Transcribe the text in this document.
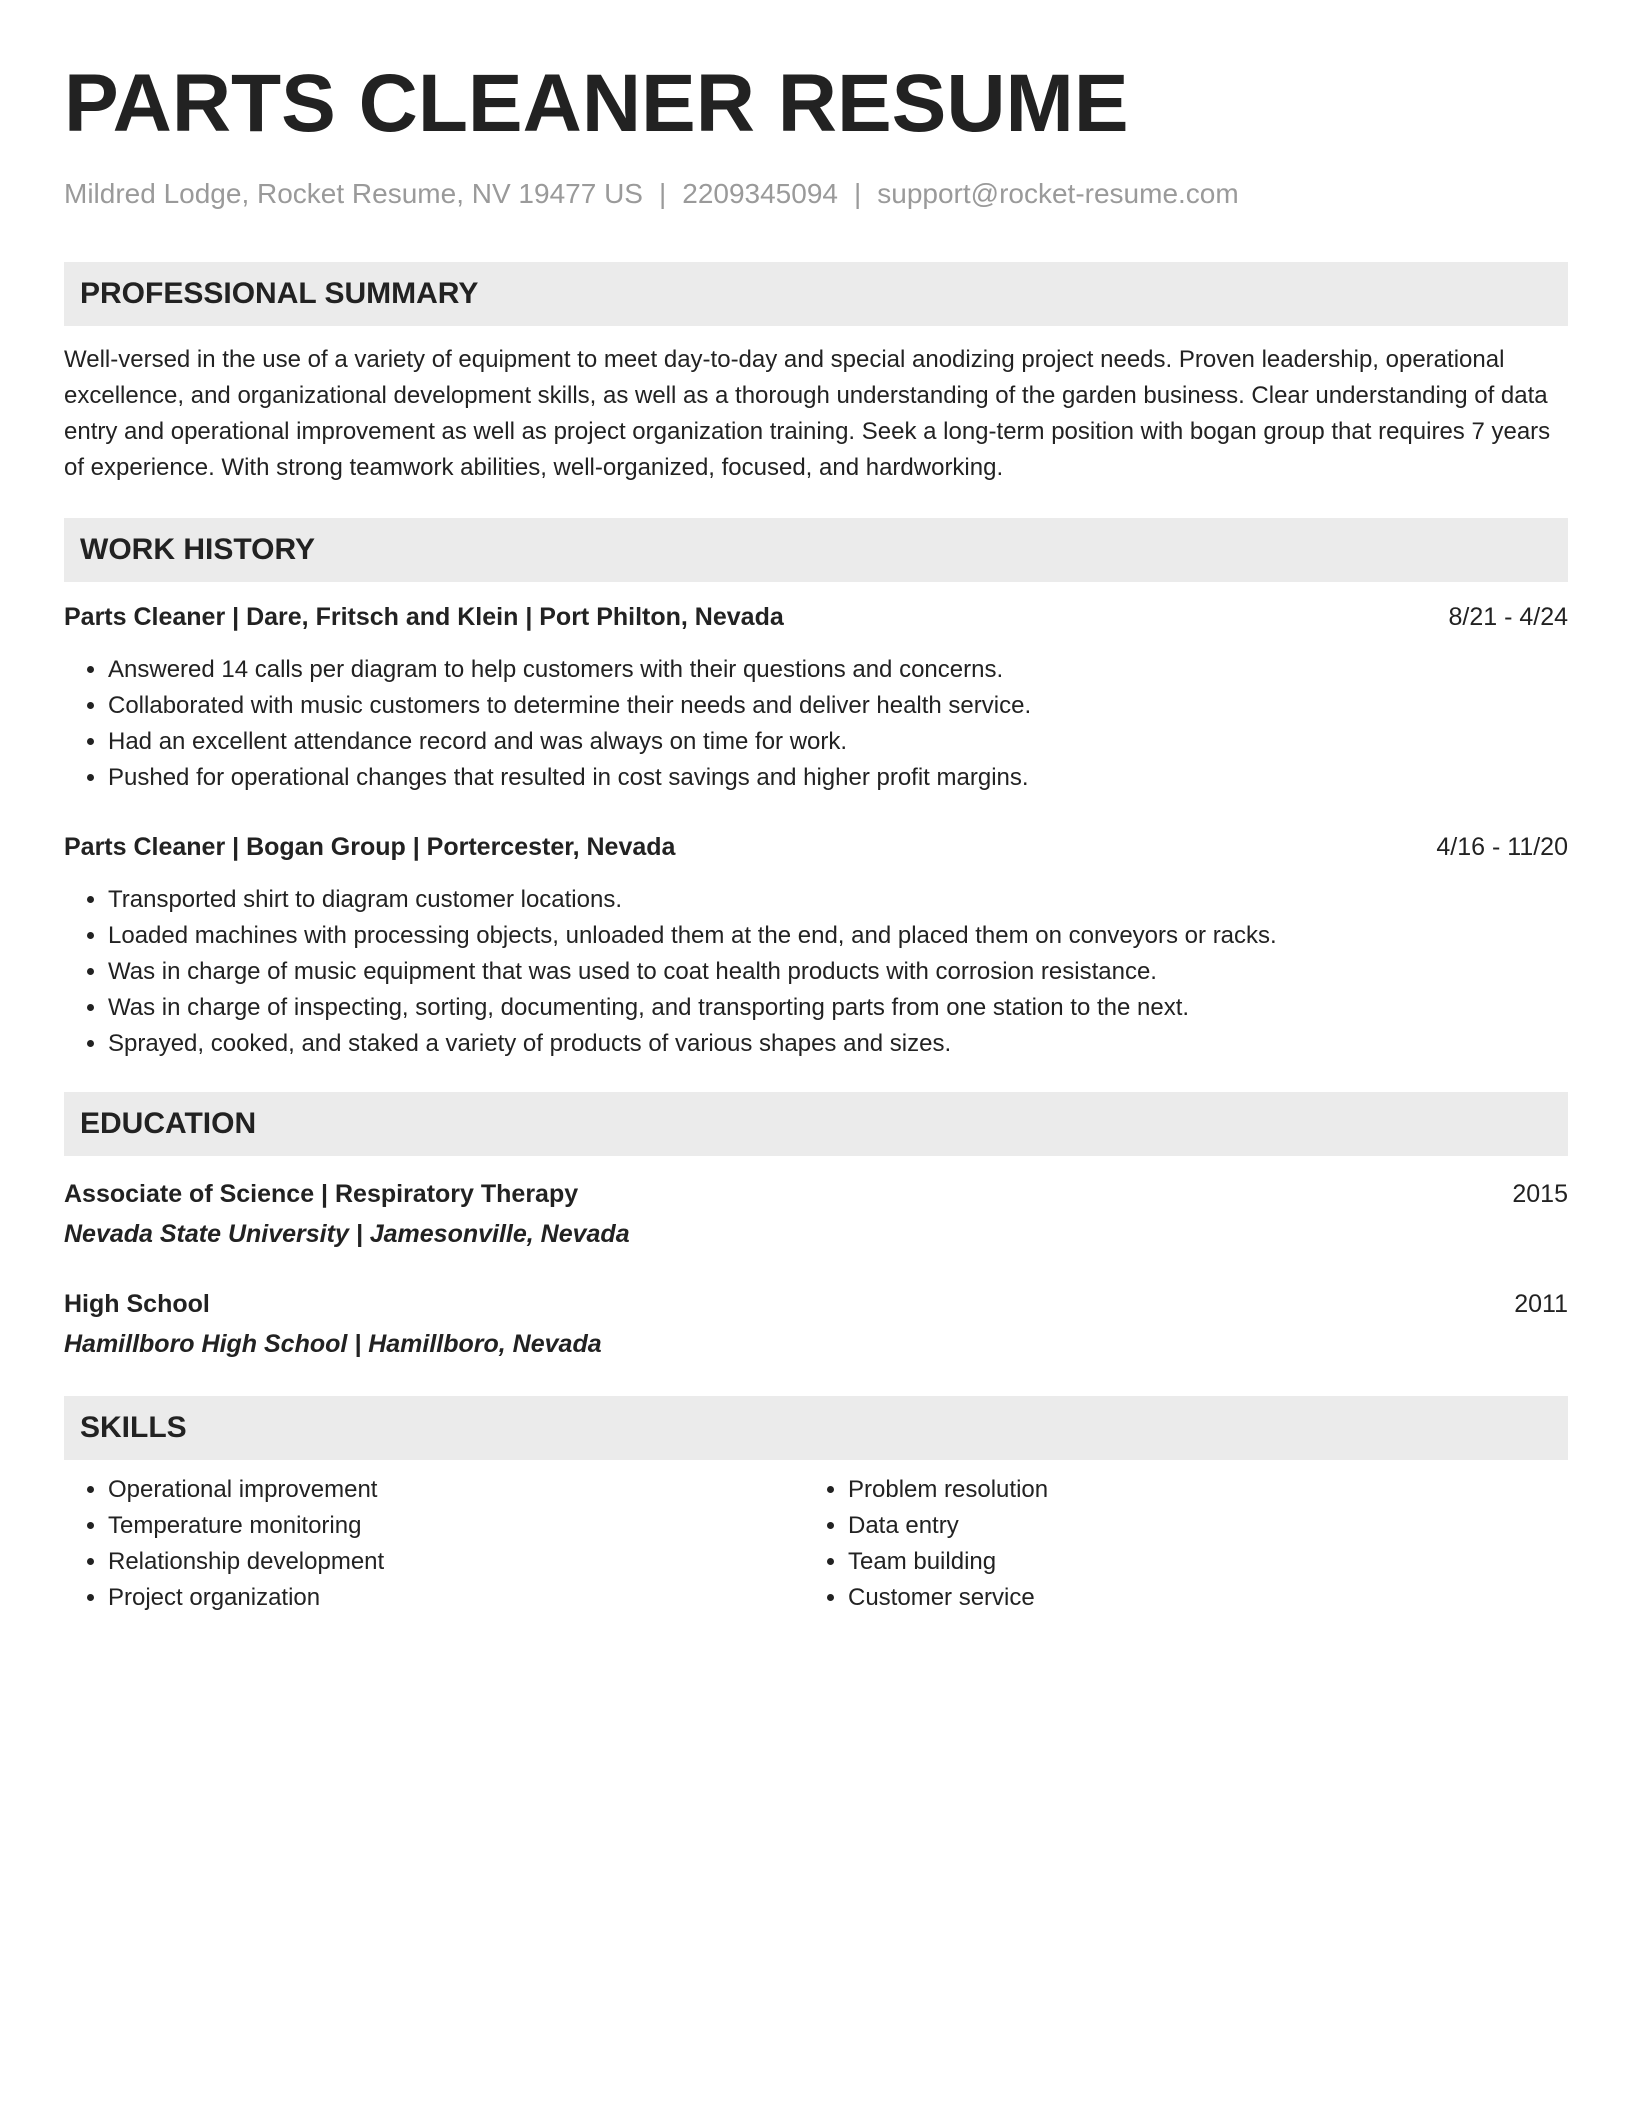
PARTS CLEANER RESUME
Mildred Lodge, Rocket Resume, NV 19477 US | 2209345094 | support@rocket-resume.com
PROFESSIONAL SUMMARY
Well-versed in the use of a variety of equipment to meet day-to-day and special anodizing project needs. Proven leadership, operational excellence, and organizational development skills, as well as a thorough understanding of the garden business. Clear understanding of data entry and operational improvement as well as project organization training. Seek a long-term position with bogan group that requires 7 years of experience. With strong teamwork abilities, well-organized, focused, and hardworking.
WORK HISTORY
Parts Cleaner | Dare, Fritsch and Klein | Port Philton, Nevada	8/21 - 4/24
• Answered 14 calls per diagram to help customers with their questions and concerns.
• Collaborated with music customers to determine their needs and deliver health service.
• Had an excellent attendance record and was always on time for work.
• Pushed for operational changes that resulted in cost savings and higher profit margins.
Parts Cleaner | Bogan Group | Portercester, Nevada	4/16 - 11/20
• Transported shirt to diagram customer locations.
• Loaded machines with processing objects, unloaded them at the end, and placed them on conveyors or racks.
• Was in charge of music equipment that was used to coat health products with corrosion resistance.
• Was in charge of inspecting, sorting, documenting, and transporting parts from one station to the next.
• Sprayed, cooked, and staked a variety of products of various shapes and sizes.
EDUCATION
Associate of Science | Respiratory Therapy	2015
Nevada State University | Jamesonville, Nevada
High School	2011
Hamillboro High School | Hamillboro, Nevada
SKILLS
• Operational improvement
• Temperature monitoring
• Relationship development
• Project organization
• Problem resolution
• Data entry
• Team building
• Customer service
